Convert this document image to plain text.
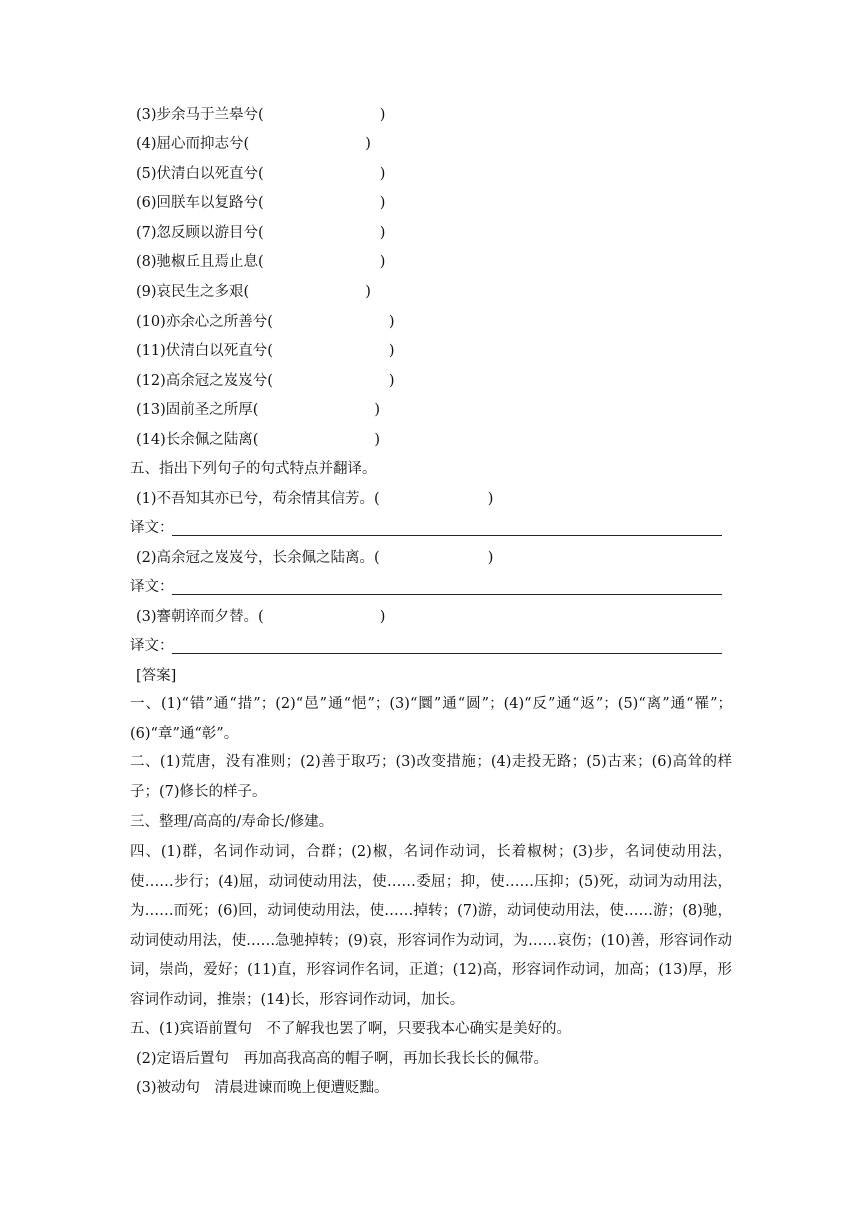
(3)步余马于兰皋兮(	)
(4)屈心而抑志兮(	)
(5)伏清白以死直兮(	)
(6)回朕车以复路兮(	)
(7)忽反顾以游目兮(	)
(8)驰椒丘且焉止息(	)
(9)哀民生之多艰(	)
(10)亦余心之所善兮(	)
(11)伏清白以死直兮(	)
(12)高余冠之岌岌兮(	)
(13)固前圣之所厚(	)
(14)长余佩之陆离(	)
五、指出下列句子的句式特点并翻译。
(1)不吾知其亦已兮，苟余情其信芳。(	)
译文：
(2)高余冠之岌岌兮，长余佩之陆离。(	)
译文：
(3)謇朝谇而夕替。(	)
译文：
[答案]
一、(1)“错”通“措”；(2)“邑”通“悒”；(3)“圜”通“圆”；(4)“反”通“返”；(5)“离”通“罹”；(6)“章”通“彰”。
二、(1)荒唐，没有准则；(2)善于取巧；(3)改变措施；(4)走投无路；(5)古来；(6)高耸的样子；(7)修长的样子。
三、整理/高高的/寿命长/修建。
四、(1)群，名词作动词，合群；(2)椒，名词作动词，长着椒树；(3)步，名词使动用法，使……步行；(4)屈，动词使动用法，使……委屈；抑，使……压抑；(5)死，动词为动用法，为……而死；(6)回，动词使动用法，使……掉转；(7)游，动词使动用法，使……游；(8)驰，动词使动用法，使……急驰掉转；(9)哀，形容词作为动词，为……哀伤；(10)善，形容词作动词，崇尚，爱好；(11)直，形容词作名词，正道；(12)高，形容词作动词，加高；(13)厚，形容词作动词，推崇；(14)长，形容词作动词，加长。
五、(1)宾语前置句　不了解我也罢了啊，只要我本心确实是美好的。
(2)定语后置句　再加高我高高的帽子啊，再加长我长长的佩带。
(3)被动句　清晨进谏而晚上便遭贬黜。
